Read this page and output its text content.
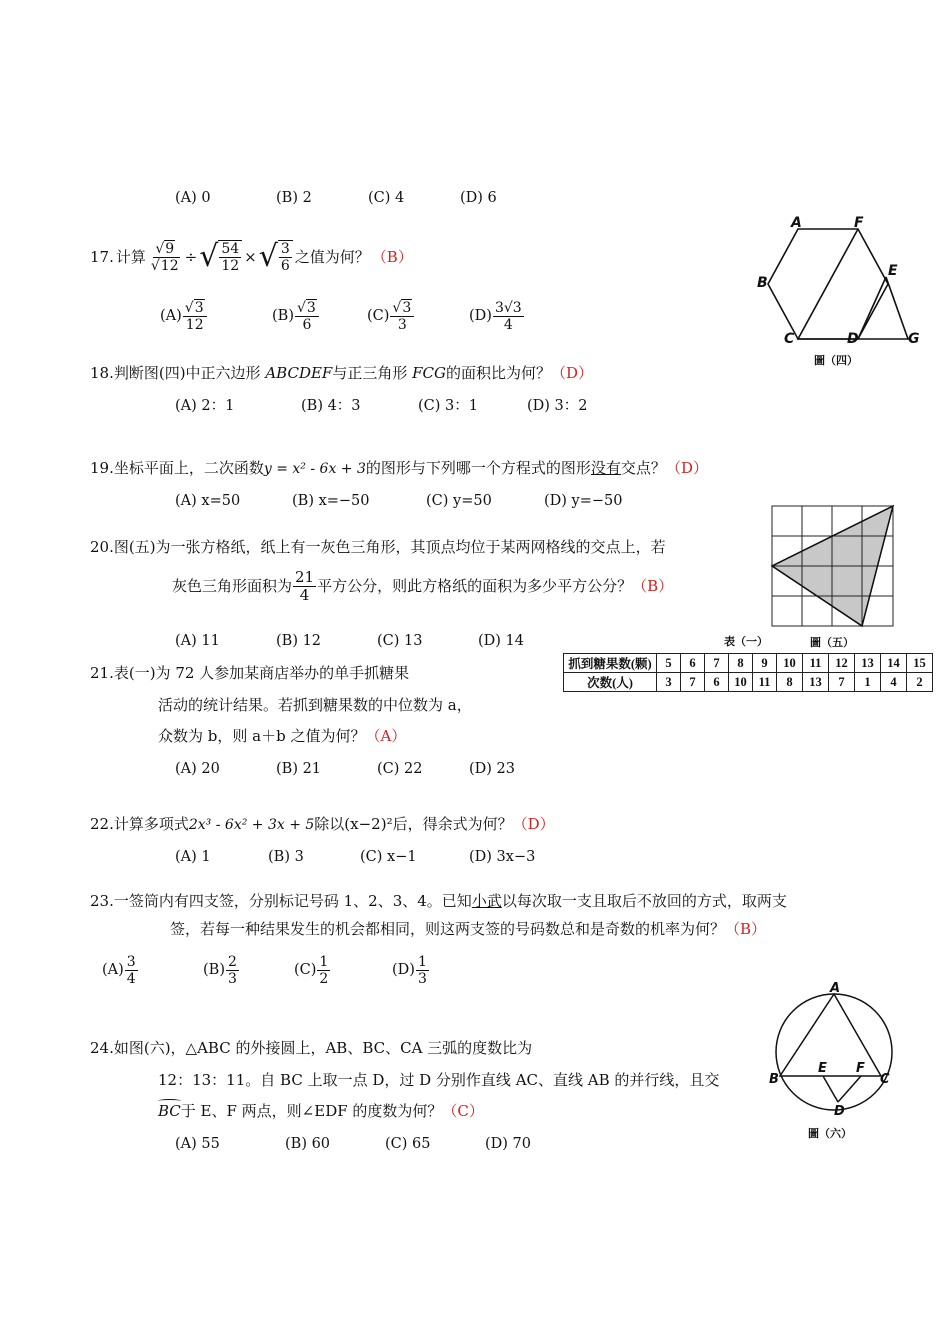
(A) 0	(B) 2	(C) 4	(D) 6
17. 计算 $\frac{√9}{√12}$ ÷ √ $\frac{54}{12}$ × √ $\frac{3}{6}$ 之值为何？ （B）
$(A) \frac{√3}{12}$	$(B) \frac{√3}{6}$	$(C) \frac{√3}{3}$	$(D) \frac{3√3}{4}$
18.判断图(四)中正六边形 ABCDEF与正三角形 FCG的面积比为何？（D）
(A) 2：1	(B) 4：3	(C) 3：1	(D) 3：2
19.坐标平面上，二次函数y = x² - 6x + 3的图形与下列哪一个方程式的图形没有交点？（D）
(A) x=50	(B) x=−50	(C) y=50	(D) y=−50
20.图(五)为一张方格纸，纸上有一灰色三角形，其顶点均位于某两网格线的交点上，若
灰色三角形面积为 $\frac{21}{4}$ 平方公分，则此方格纸的面积为多少平方公分？ （B）
(A) 11	(B) 12	(C) 13	(D) 14
21.表(一)为 72 人参加某商店举办的单手抓糖果
活动的统计结果。若抓到糖果数的中位数为 a，
众数为 b，则 a＋b 之值为何？（A）
(A) 20	(B) 21	(C) 22	(D) 23
表（一）
抓到糖果数(颗)	5	6	7	8	9	10	11	12	13	14	15
次数(人)	3	7	6	10	11	8	13	7	1	4	2
22.计算多项式2x³ - 6x² + 3x + 5除以(x−2)²后，得余式为何？（D）
(A) 1	(B) 3	(C) x−1	(D) 3x−3
23.一签筒内有四支签，分别标记号码 1、2、3、4。已知小武以每次取一支且取后不放回的方式，取两支
签，若每一种结果发生的机会都相同，则这两支签的号码数总和是奇数的机率为何？（B）
$(A) \frac{3}{4}$	$(B) \frac{2}{3}$	$(C) \frac{1}{2}$	$(D) \frac{1}{3}$
24.如图(六)，△ABC 的外接圆上，AB、BC、CA 三弧的度数比为
12：13：11。自 BC 上取一点 D，过 D 分别作直线 AC、直线 AB 的并行线，且交
BC于 E、F 两点，则∠EDF 的度数为何？（C）
(A) 55	(B) 60	(C) 65	(D) 70
A	F
B
E
C	D	G
圖（四）
圖（五）
A
B	C
E F
D
圖（六）
